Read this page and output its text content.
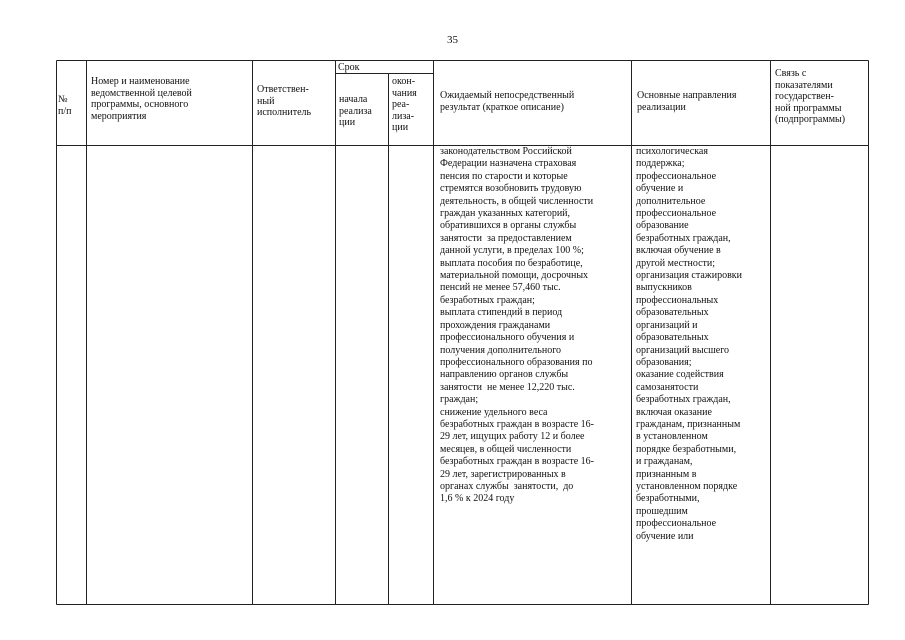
35
№
п/п
Номер и наименование
ведомственной целевой
программы, основного
мероприятия
Ответствен-
ный
исполнитель
Срок
начала
реализа
ции
окон-
чания
реа-
лиза-
ции
Ожидаемый непосредственный
результат (краткое описание)
Основные направления
реализации
Связь с
показателями
государствен-
ной программы
(подпрограммы)
законодательством Российской
Федерации назначена страховая
пенсия по старости и которые
стремятся возобновить трудовую
деятельность, в общей численности
граждан указанных категорий,
обратившихся в органы службы
занятости  за предоставлением
данной услуги, в пределах 100 %;
выплата пособия по безработице,
материальной помощи, досрочных
пенсий не менее 57,460 тыс.
безработных граждан;
выплата стипендий в период
прохождения гражданами
профессионального обучения и
получения дополнительного
профессионального образования по
направлению органов службы
занятости  не менее 12,220 тыс.
граждан;
снижение удельного веса
безработных граждан в возрасте 16-
29 лет, ищущих работу 12 и более
месяцев, в общей численности
безработных граждан в возрасте 16-
29 лет, зарегистрированных в
органах службы  занятости,  до
1,6 % к 2024 году
психологическая
поддержка;
профессиональное
обучение и
дополнительное
профессиональное
образование
безработных граждан,
включая обучение в
другой местности;
организация стажировки
выпускников
профессиональных
образовательных
организаций и
образовательных
организаций высшего
образования;
оказание содействия
самозанятости
безработных граждан,
включая оказание
гражданам, признанным
в установленном
порядке безработными,
и гражданам,
признанным в
установленном порядке
безработными,
прошедшим
профессиональное
обучение или
